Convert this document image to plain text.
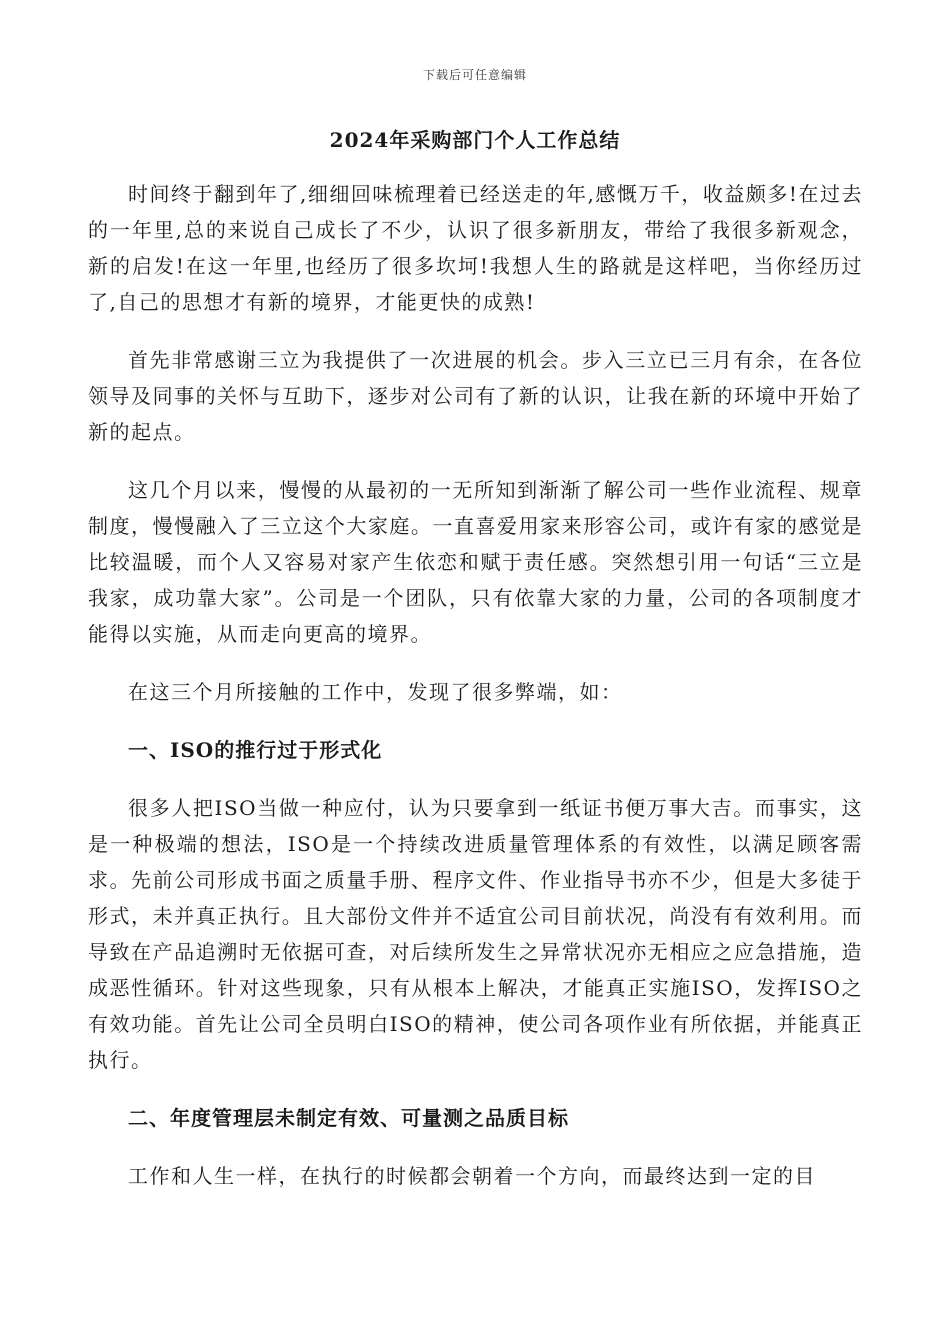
下载后可任意编辑
2024年采购部门个人工作总结

时间终于翻到年了,细细回味梳理着已经送走的年,感慨万千，收益颇多!在过去的一年里,总的来说自己成长了不少，认识了很多新朋友，带给了我很多新观念，新的启发!在这一年里,也经历了很多坎坷!我想人生的路就是这样吧，当你经历过了,自己的思想才有新的境界，才能更快的成熟!

首先非常感谢三立为我提供了一次进展的机会。步入三立已三月有余，在各位领导及同事的关怀与互助下，逐步对公司有了新的认识，让我在新的环境中开始了新的起点。

这几个月以来，慢慢的从最初的一无所知到渐渐了解公司一些作业流程、规章制度，慢慢融入了三立这个大家庭。一直喜爱用家来形容公司，或许有家的感觉是比较温暖，而个人又容易对家产生依恋和赋于责任感。突然想引用一句话“三立是我家，成功靠大家”。公司是一个团队，只有依靠大家的力量，公司的各项制度才能得以实施，从而走向更高的境界。

在这三个月所接触的工作中，发现了很多弊端，如：

一、ISO的推行过于形式化

很多人把ISO当做一种应付，认为只要拿到一纸证书便万事大吉。而事实，这是一种极端的想法，ISO是一个持续改进质量管理体系的有效性，以满足顾客需求。先前公司形成书面之质量手册、程序文件、作业指导书亦不少，但是大多徒于形式，未并真正执行。且大部份文件并不适宜公司目前状况，尚没有有效利用。而导致在产品追溯时无依据可查，对后续所发生之异常状况亦无相应之应急措施，造成恶性循环。针对这些现象，只有从根本上解决，才能真正实施ISO，发挥ISO之有效功能。首先让公司全员明白ISO的精神，使公司各项作业有所依据，并能真正执行。

二、年度管理层未制定有效、可量测之品质目标

工作和人生一样，在执行的时候都会朝着一个方向，而最终达到一定的目
